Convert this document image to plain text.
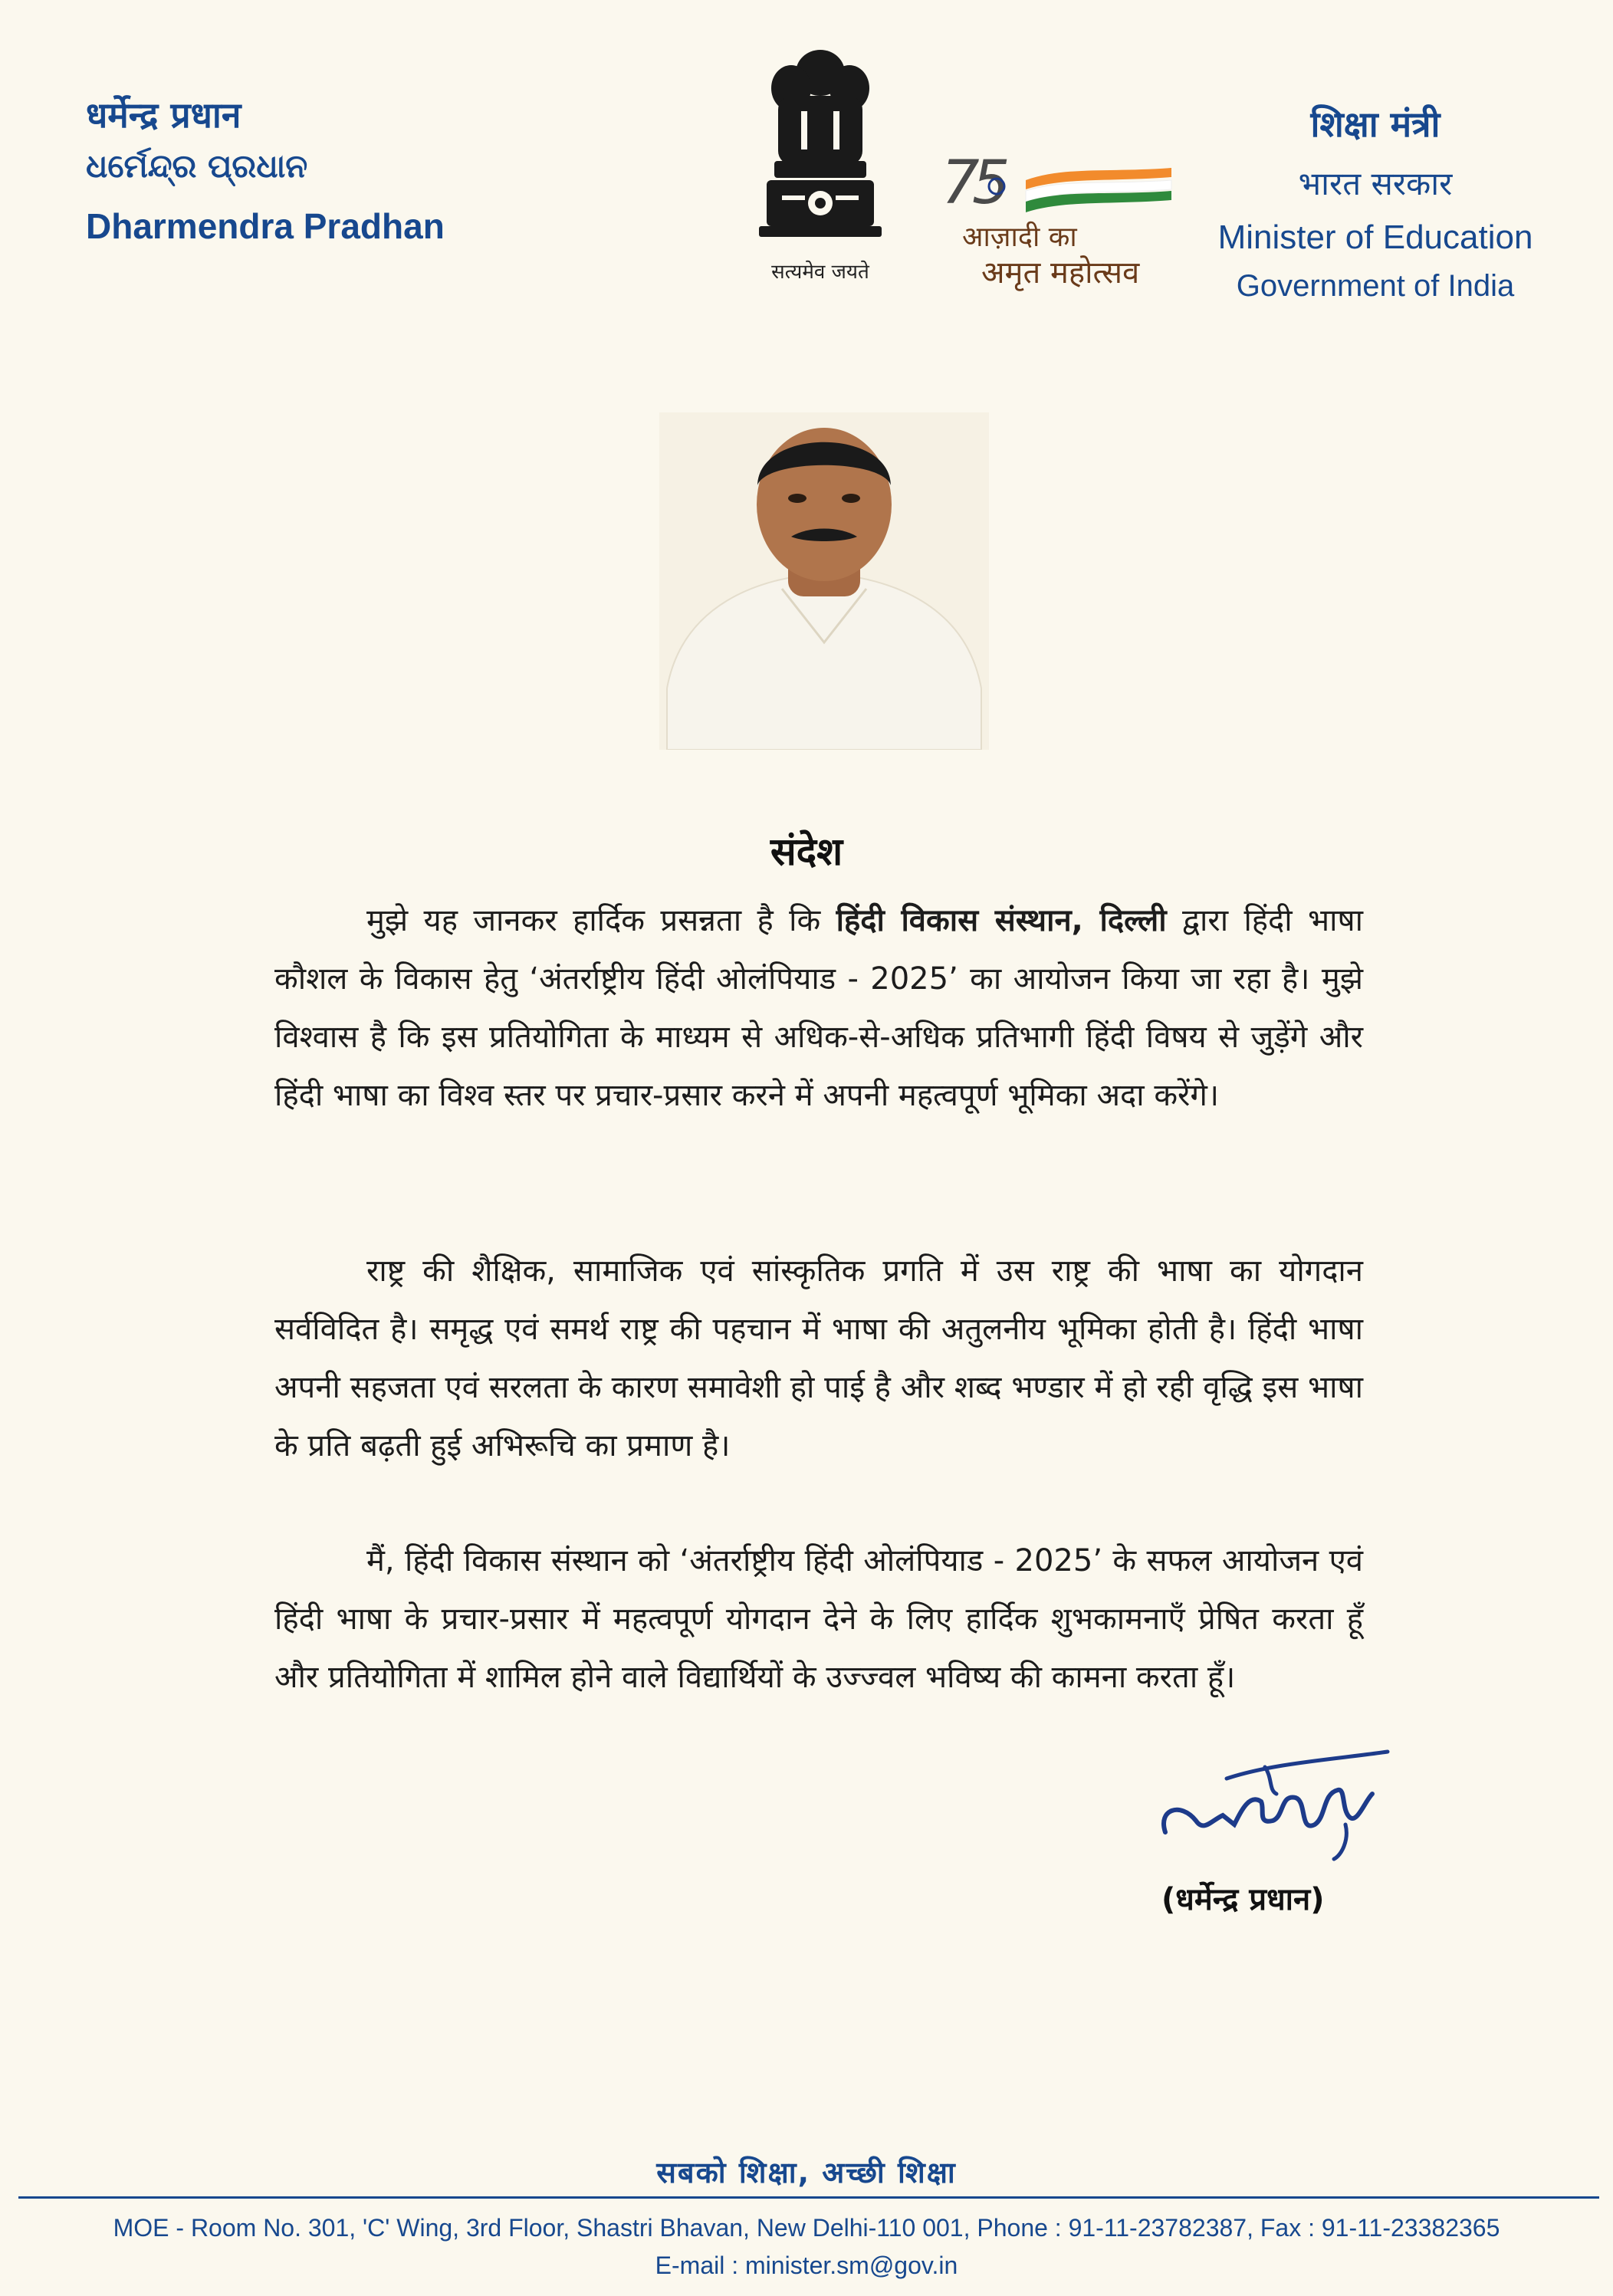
धर्मेन्द्र प्रधान
ଧର୍ମେନ୍ଦ୍ର ପ୍ରଧାନ
Dharmendra Pradhan
सत्यमेव जयते
7
5
आज़ादी का
अमृत महोत्सव
शिक्षा मंत्री
भारत सरकार
Minister of Education
Government of India
संदेश
मुझे यह जानकर हार्दिक प्रसन्नता है कि हिंदी विकास संस्थान, दिल्ली द्वारा हिंदी भाषा कौशल के विकास हेतु ‘अंतर्राष्ट्रीय हिंदी ओलंपियाड - 2025’ का आयोजन किया जा रहा है। मुझे विश्वास है कि इस प्रतियोगिता के माध्यम से अधिक-से-अधिक प्रतिभागी हिंदी विषय से जुड़ेंगे और हिंदी भाषा का विश्व स्तर पर प्रचार-प्रसार करने में अपनी महत्वपूर्ण भूमिका अदा करेंगे।
राष्ट्र की शैक्षिक, सामाजिक एवं सांस्कृतिक प्रगति में उस राष्ट्र की भाषा का योगदान सर्वविदित है। समृद्ध एवं समर्थ राष्ट्र की पहचान में भाषा की अतुलनीय भूमिका होती है। हिंदी भाषा अपनी सहजता एवं सरलता के कारण समावेशी हो पाई है और शब्द भण्डार में हो रही वृद्धि इस भाषा के प्रति बढ़ती हुई अभिरूचि का प्रमाण है।
मैं, हिंदी विकास संस्थान को ‘अंतर्राष्ट्रीय हिंदी ओलंपियाड - 2025’ के सफल आयोजन एवं हिंदी भाषा के प्रचार-प्रसार में महत्वपूर्ण योगदान देने के लिए हार्दिक शुभकामनाएँ प्रेषित करता हूँ और प्रतियोगिता में शामिल होने वाले विद्यार्थियों के उज्ज्वल भविष्य की कामना करता हूँ।
(धर्मेन्द्र प्रधान)
सबको शिक्षा, अच्छी शिक्षा
MOE - Room No. 301, 'C' Wing, 3rd Floor, Shastri Bhavan, New Delhi-110 001, Phone : 91-11-23782387, Fax : 91-11-23382365
E-mail : minister.sm@gov.in
